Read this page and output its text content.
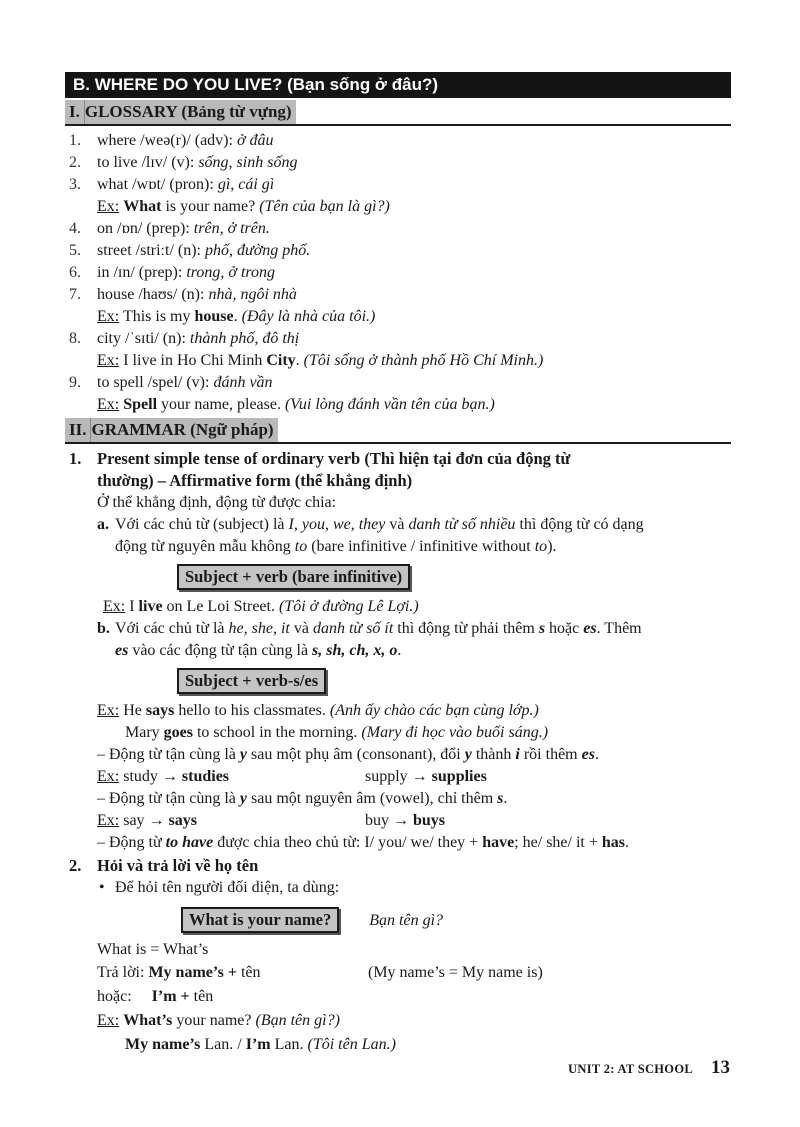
B. WHERE DO YOU LIVE? (Bạn sống ở đâu?)
I. GLOSSARY (Bảng từ vựng)
1. where /weə(r)/ (adv): ở đâu
2. to live /lɪv/ (v): sống, sinh sống
3. what /wɒt/ (pron): gì, cái gì
Ex: What is your name? (Tên của bạn là gì?)
4. on /ɒn/ (prep): trên, ở trên.
5. street /striːt/ (n): phố, đường phố.
6. in /ɪn/ (prep): trong, ở trong
7. house /haʊs/ (n): nhà, ngôi nhà
Ex: This is my house. (Đây là nhà của tôi.)
8. city /ˈsɪti/ (n): thành phố, đô thị
Ex: I live in Ho Chi Minh City. (Tôi sống ở thành phố Hồ Chí Minh.)
9. to spell /spel/ (v): đánh vần
Ex: Spell your name, please. (Vui lòng đánh vần tên của bạn.)
II. GRAMMAR (Ngữ pháp)
1. Present simple tense of ordinary verb (Thì hiện tại đơn của động từ
thường) – Affirmative form (thể khẳng định)
Ở thể khẳng định, động từ được chia:
a. Với các chủ từ (subject) là I, you, we, they và danh từ số nhiều thì động từ có dạng
động từ nguyên mẫu không to (bare infinitive / infinitive without to).
Subject + verb (bare infinitive)
Ex: I live on Le Loi Street. (Tôi ở đường Lê Lợi.)
b. Với các chủ từ là he, she, it và danh từ số ít thì động từ phải thêm s hoặc es. Thêm
es vào các động từ tận cùng là s, sh, ch, x, o.
Subject + verb-s/es
Ex: He says hello to his classmates. (Anh ấy chào các bạn cùng lớp.)
Mary goes to school in the morning. (Mary đi học vào buổi sáng.)
– Động từ tận cùng là y sau một phụ âm (consonant), đổi y thành i rồi thêm es.
Ex: study → studies	supply → supplies
– Động từ tận cùng là y sau một nguyên âm (vowel), chỉ thêm s.
Ex: say → says	buy → buys
– Động từ to have được chia theo chủ từ: I/ you/ we/ they + have; he/ she/ it + has.
2. Hỏi và trả lời về họ tên
• Để hỏi tên người đối diện, ta dùng:
What is your name? Bạn tên gì?
What is = What’s
Trả lời: My name’s + tên	(My name’s = My name is)
hoặc: I’m + tên
Ex: What’s your name? (Bạn tên gì?)
My name’s Lan. / I’m Lan. (Tôi tên Lan.)
UNIT 2: AT SCHOOL 13
